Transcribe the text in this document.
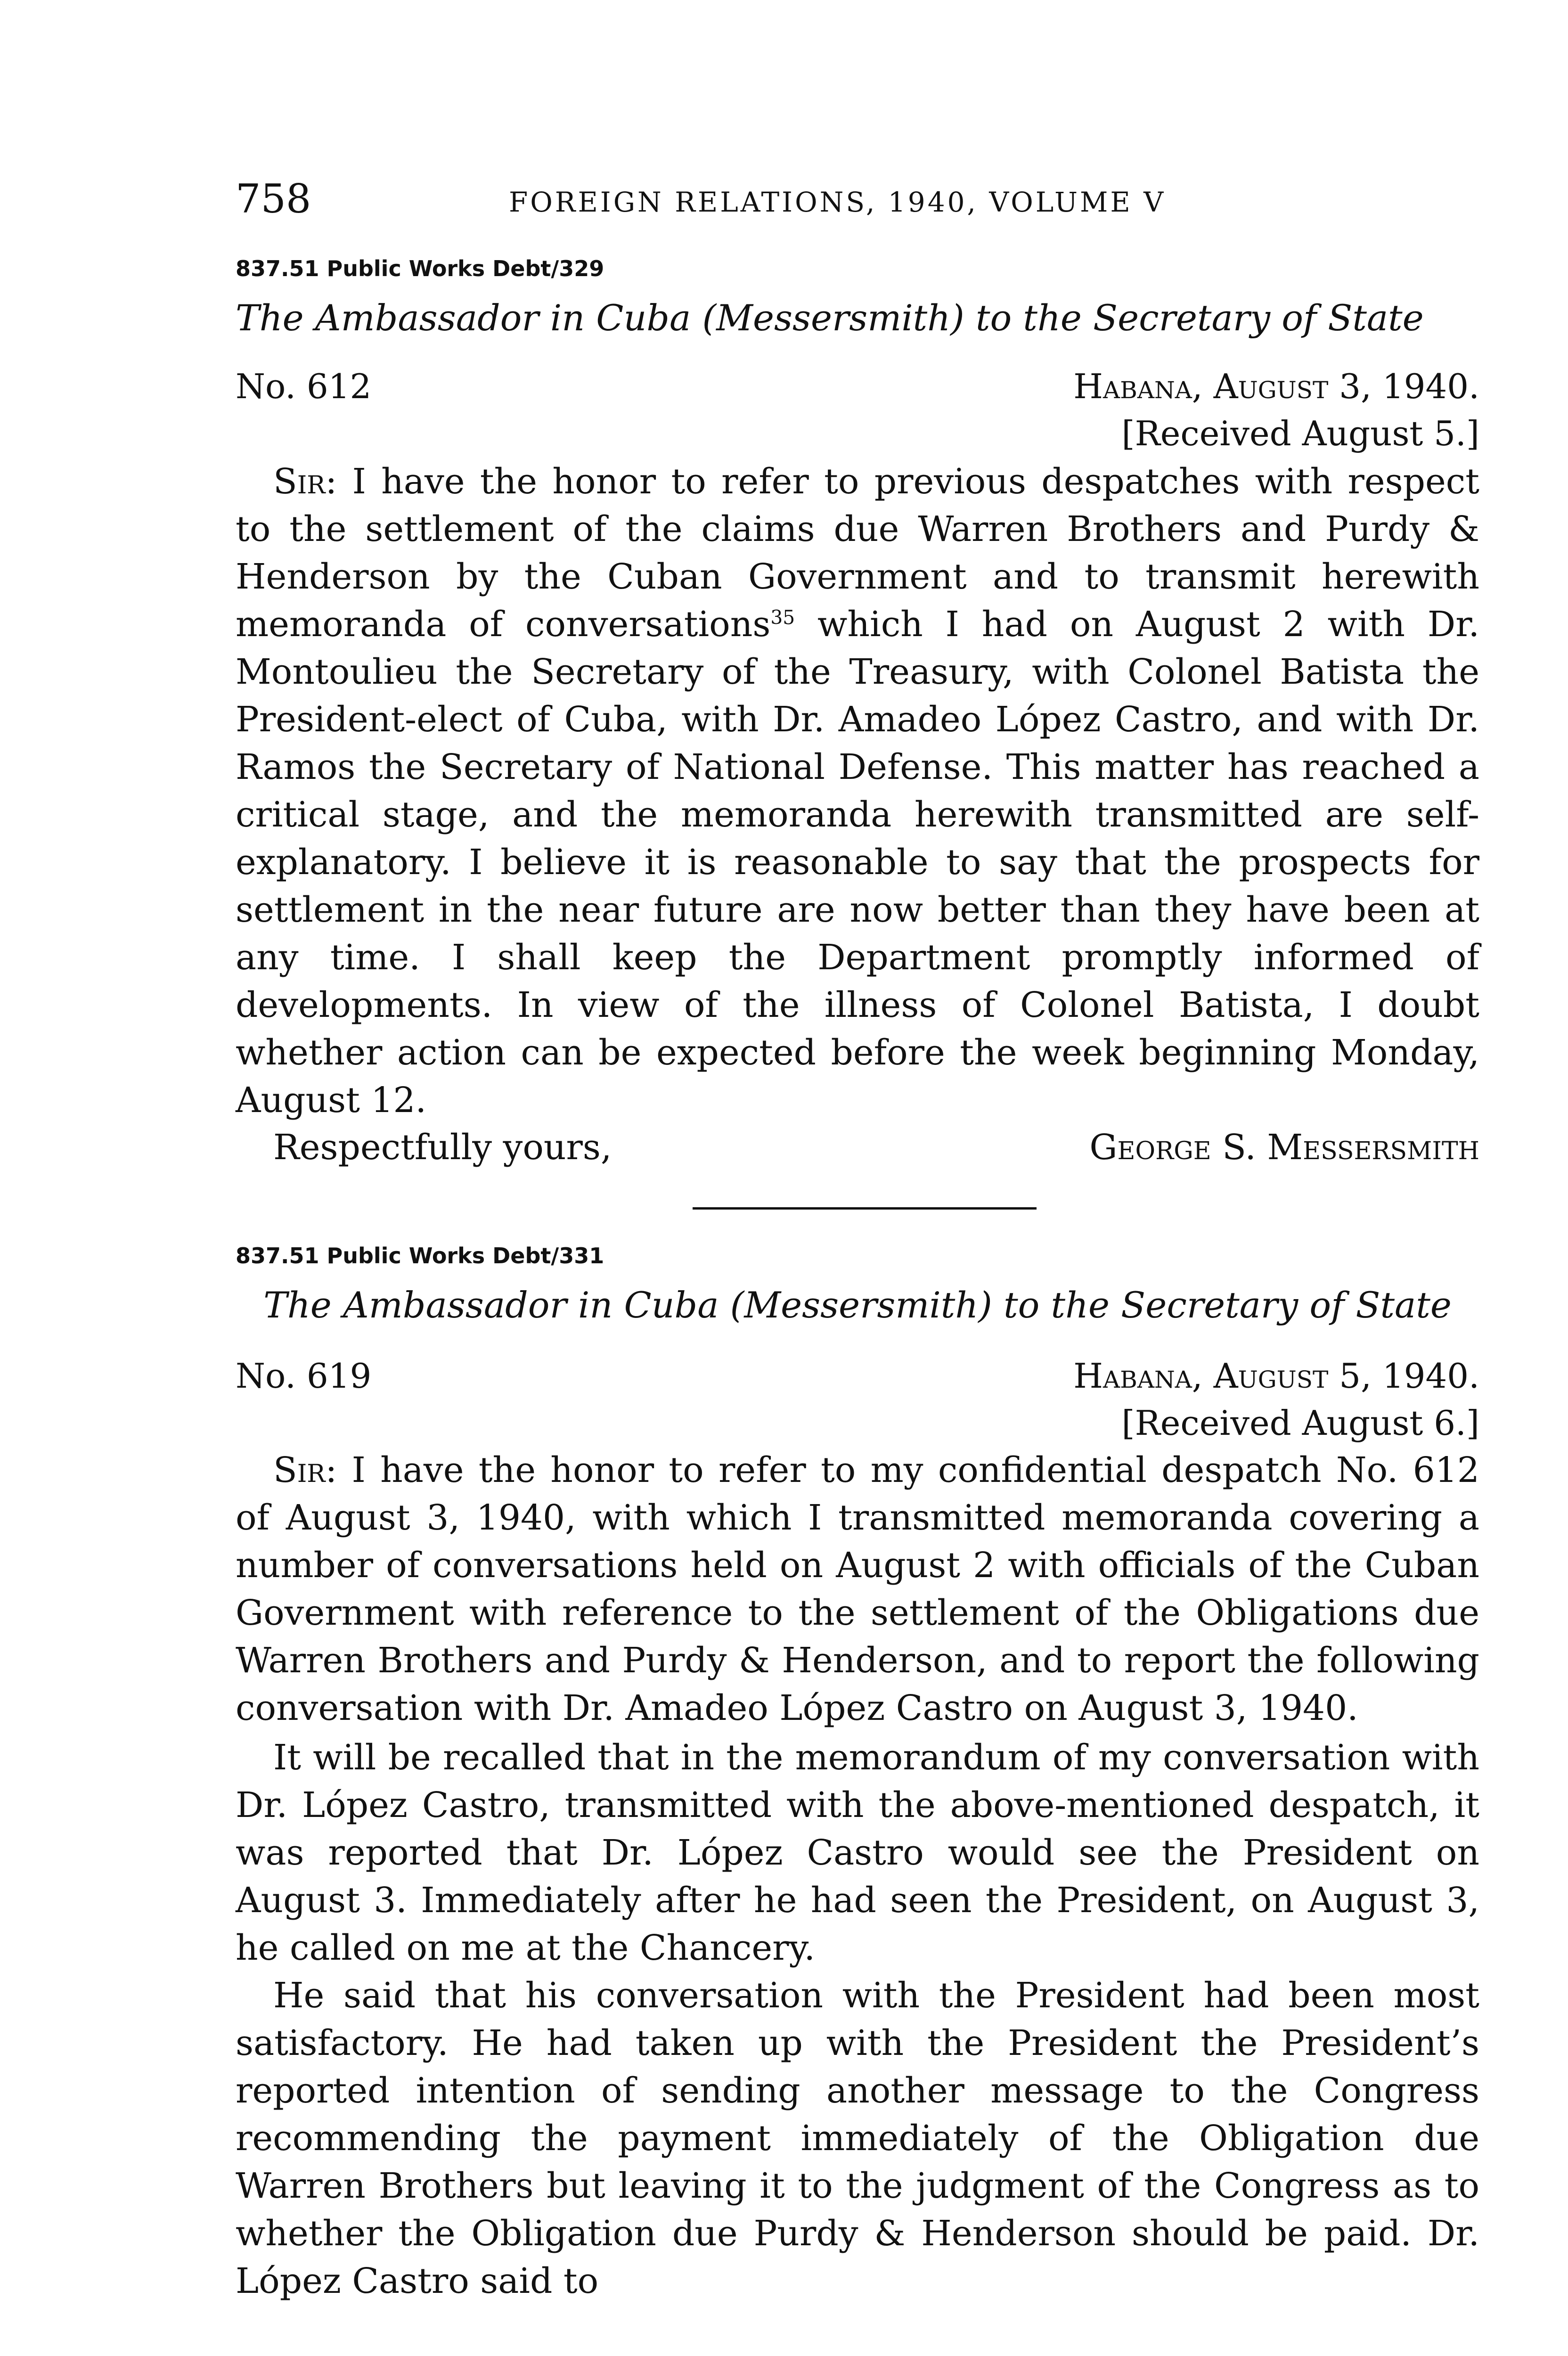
758	FOREIGN RELATIONS, 1940, VOLUME V
837.51 Public Works Debt/329
The Ambassador in Cuba (Messersmith) to the Secretary of State
No. 612	Habana, August 3, 1940.
[Received August 5.]

Sir: I have the honor to refer to previous despatches with respect to the settlement of the claims due Warren Brothers and Purdy & Henderson by the Cuban Government and to transmit herewith memoranda of conversations$^{35}$ which I had on August 2 with Dr. Montoulieu the Secretary of the Treasury, with Colonel Batista the President-elect of Cuba, with Dr. Amadeo López Castro, and with Dr. Ramos the Secretary of National Defense. This matter has reached a critical stage, and the memoranda herewith transmitted are self-explanatory. I believe it is reasonable to say that the prospects for settlement in the near future are now better than they have been at any time. I shall keep the Department promptly informed of developments. In view of the illness of Colonel Batista, I doubt whether action can be expected before the week beginning Monday, August 12.

Respectfully yours,	George S. Messersmith
837.51 Public Works Debt/331
The Ambassador in Cuba (Messersmith) to the Secretary of State
No. 619	Habana, August 5, 1940.
[Received August 6.]

Sir: I have the honor to refer to my confidential despatch No. 612 of August 3, 1940, with which I transmitted memoranda covering a number of conversations held on August 2 with officials of the Cuban Government with reference to the settlement of the Obligations due Warren Brothers and Purdy & Henderson, and to report the following conversation with Dr. Amadeo López Castro on August 3, 1940.

It will be recalled that in the memorandum of my conversation with Dr. López Castro, transmitted with the above-mentioned despatch, it was reported that Dr. López Castro would see the President on August 3. Immediately after he had seen the President, on August 3, he called on me at the Chancery.

He said that his conversation with the President had been most satisfactory. He had taken up with the President the President’s reported intention of sending another message to the Congress recommending the payment immediately of the Obligation due Warren Brothers but leaving it to the judgment of the Congress as to whether the Obligation due Purdy & Henderson should be paid. Dr. López Castro said to
